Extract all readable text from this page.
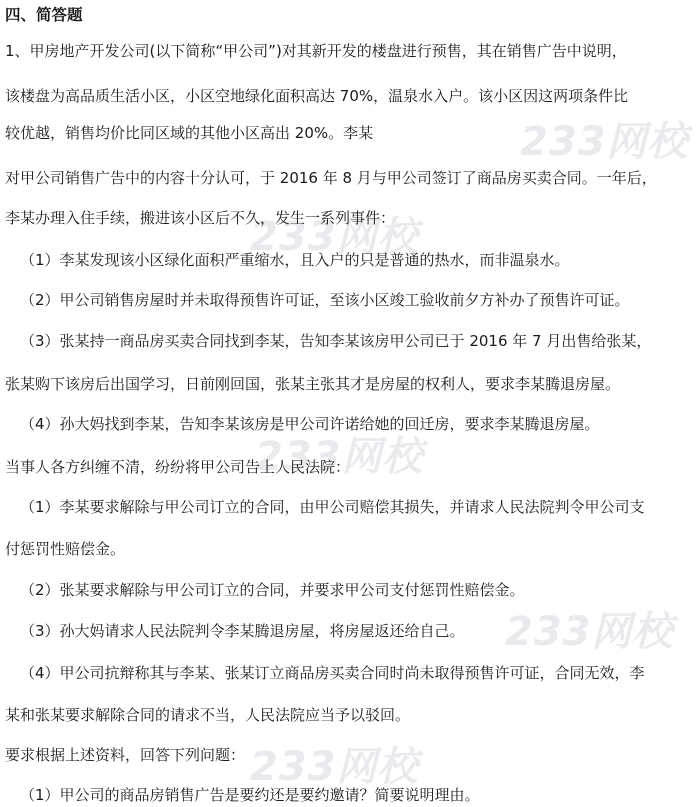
233网校
233网校
233网校
233网校
233网校
四、简答题
1、甲房地产开发公司(以下简称“甲公司”)对其新开发的楼盘进行预售，其在销售广告中说明，
该楼盘为高品质生活小区，小区空地绿化面积高达 70%，温泉水入户。该小区因这两项条件比
较优越，销售均价比同区域的其他小区高出 20%。李某
对甲公司销售广告中的内容十分认可，于 2016 年 8 月与甲公司签订了商品房买卖合同。一年后，
李某办理入住手续，搬进该小区后不久，发生一系列事件：
（1）李某发现该小区绿化面积严重缩水，且入户的只是普通的热水，而非温泉水。
（2）甲公司销售房屋时并未取得预售许可证，至该小区竣工验收前夕方补办了预售许可证。
（3）张某持一商品房买卖合同找到李某，告知李某该房甲公司已于 2016 年 7 月出售给张某，
张某购下该房后出国学习，日前刚回国，张某主张其才是房屋的权利人，要求李某腾退房屋。
（4）孙大妈找到李某，告知李某该房是甲公司许诺给她的回迁房，要求李某腾退房屋。
当事人各方纠缠不清，纷纷将甲公司告上人民法院：
（1）李某要求解除与甲公司订立的合同，由甲公司赔偿其损失，并请求人民法院判令甲公司支
付惩罚性赔偿金。
（2）张某要求解除与甲公司订立的合同，并要求甲公司支付惩罚性赔偿金。
（3）孙大妈请求人民法院判令李某腾退房屋，将房屋返还给自己。
（4）甲公司抗辩称其与李某、张某订立商品房买卖合同时尚未取得预售许可证，合同无效，李
某和张某要求解除合同的请求不当，人民法院应当予以驳回。
要求根据上述资料，回答下列问题：
（1）甲公司的商品房销售广告是要约还是要约邀请？简要说明理由。
